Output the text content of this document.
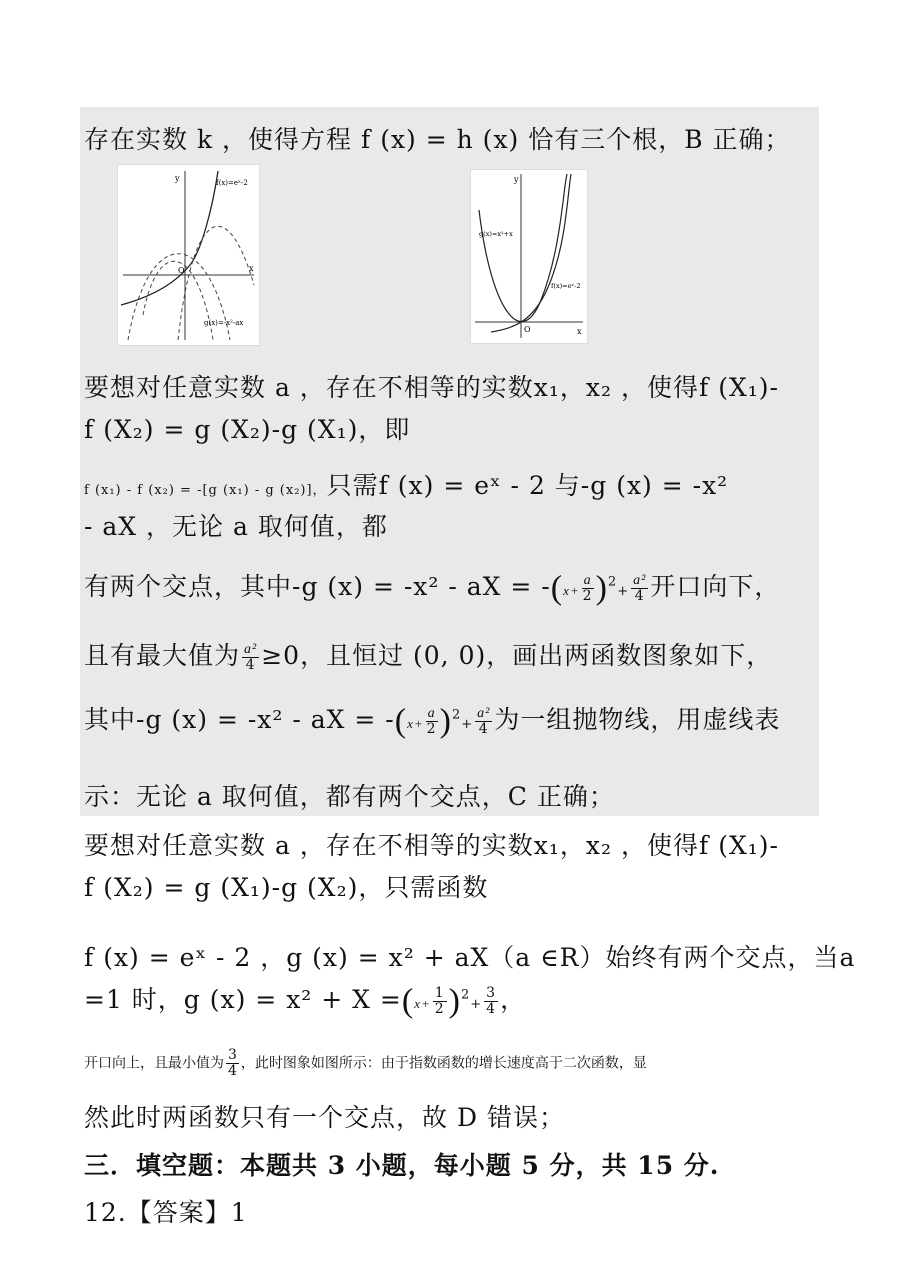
存在实数 k ，使得方程 f (x) = h (x) 恰有三个根，B 正确；
y
x
O
f(x)=eˣ-2
g(x)=-x²-ax
y
x
O
g(x)=x²+x
f(x)=eˣ-2
要想对任意实数 a ，存在不相等的实数x₁，x₂ ，使得f (X₁)-
f (X₂) = g (X₂)-g (X₁)，即
f (x₁) - f (x₂) = -[g (x₁) - g (x₂)]，只需f (x) = eˣ - 2 与-g (x) = -x²
- aX ，无论 a 取何值，都
有两个交点，其中-g (x) = -x² - aX = $-(x+ \frac{a}{2} )^2+ \frac{\text{a²}}{4}$ 开口向下，
且有最大值为 $\frac{\text{a²}}{4} \ge 0$，且恒过 (0, 0)，画出两函数图象如下，
其中-g (x) = -x² - aX = $-(x+ \frac{a}{2} )^2+ \frac{\text{a²}}{4}$ 为一组抛物线，用虚线表
示：无论 a 取何值，都有两个交点，C 正确；
要想对任意实数 a ，存在不相等的实数x₁，x₂ ，使得f (X₁)-
f (X₂) = g (X₁)-g (X₂)，只需函数
f (x) = eˣ - 2 ，g (x) = x² + aX（a ∈R）始终有两个交点，当a
=1 时，g $(x) = x^2 + X =(x+ \frac{1}{2} )^2+ \frac{3}{4}$ ，
开口向上，且最小值为 $\frac{3}{4}$ ，此时图象如图所示：由于指数函数的增长速度高于二次函数，显
然此时两函数只有一个交点，故 D 错误；
三．填空题：本题共 3 小题，每小题 5 分，共 15 分.
12.【答案】1
